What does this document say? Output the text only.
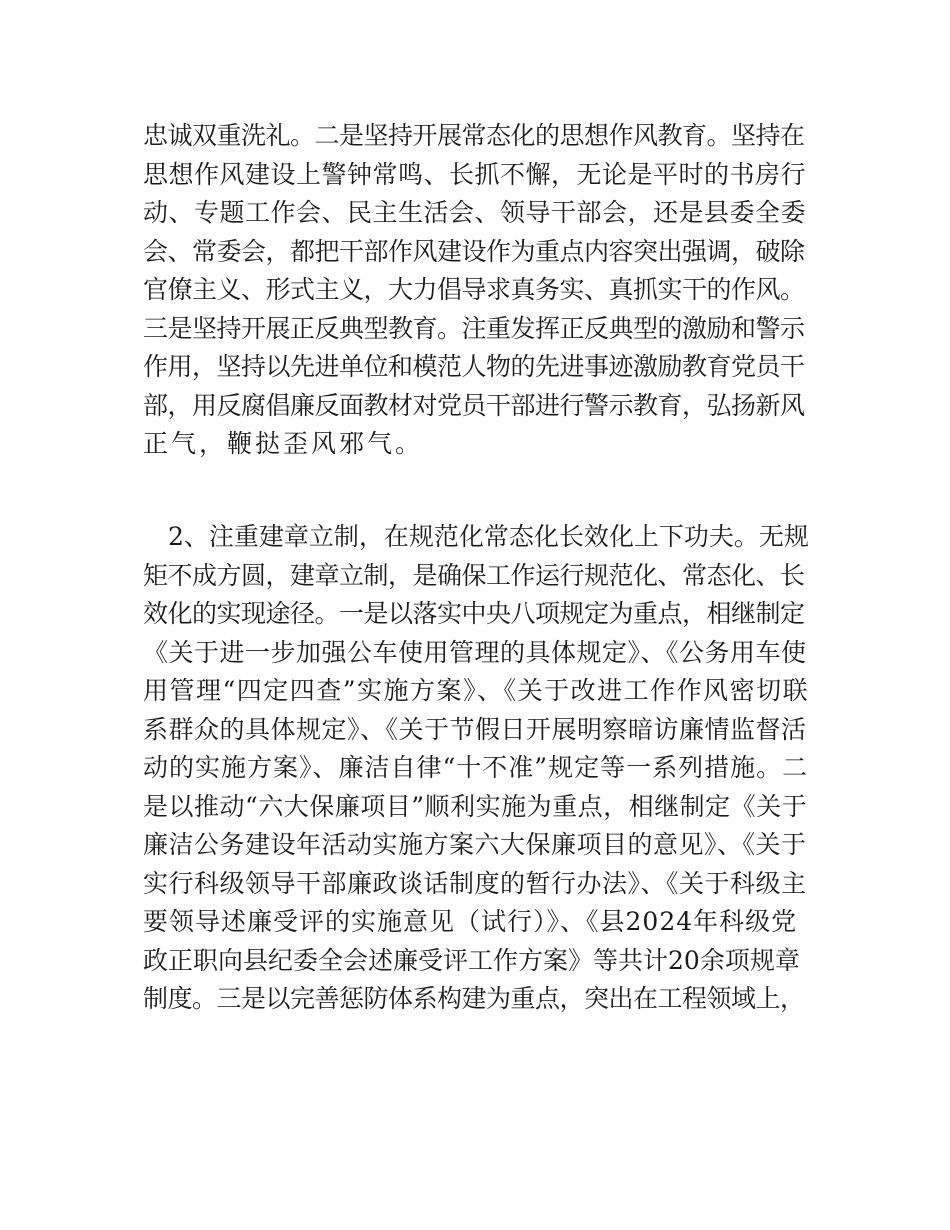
忠诚双重洗礼。二是坚持开展常态化的思想作风教育。坚持在
思想作风建设上警钟常鸣、长抓不懈，无论是平时的书房行
动、专题工作会、民主生活会、领导干部会，还是县委全委
会、常委会，都把干部作风建设作为重点内容突出强调，破除
官僚主义、形式主义，大力倡导求真务实、真抓实干的作风。
三是坚持开展正反典型教育。注重发挥正反典型的激励和警示
作用，坚持以先进单位和模范人物的先进事迹激励教育党员干
部，用反腐倡廉反面教材对党员干部进行警示教育，弘扬新风
正气，鞭挞歪风邪气。

　2、注重建章立制，在规范化常态化长效化上下功夫。无规
矩不成方圆，建章立制，是确保工作运行规范化、常态化、长
效化的实现途径。一是以落实中央八项规定为重点，相继制定
《关于进一步加强公车使用管理的具体规定》、《公务用车使
用管理“四定四查”实施方案》、《关于改进工作作风密切联
系群众的具体规定》、《关于节假日开展明察暗访廉情监督活
动的实施方案》、廉洁自律“十不准”规定等一系列措施。二
是以推动“六大保廉项目”顺利实施为重点，相继制定《关于
廉洁公务建设年活动实施方案六大保廉项目的意见》、《关于
实行科级领导干部廉政谈话制度的暂行办法》、《关于科级主
要领导述廉受评的实施意见（试行）》、《县2024年科级党
政正职向县纪委全会述廉受评工作方案》等共计20余项规章
制度。三是以完善惩防体系构建为重点，突出在工程领域上，
